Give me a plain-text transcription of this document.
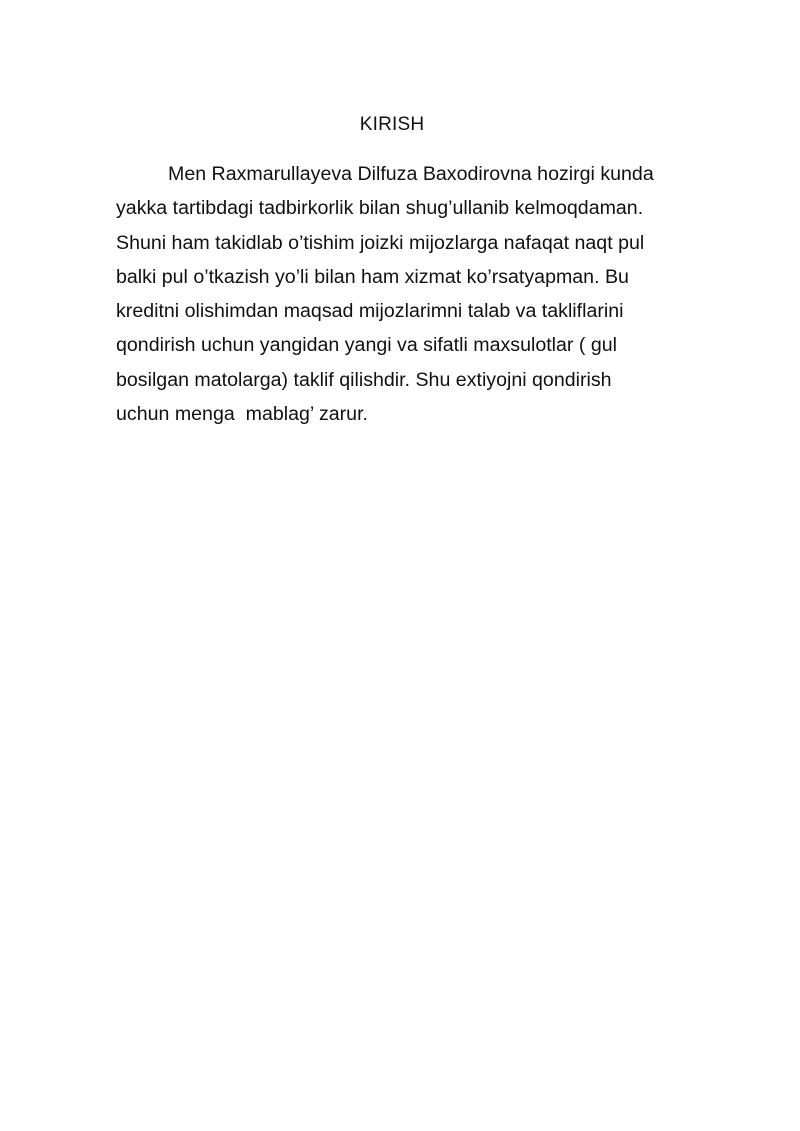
KIRISH

Men Raxmarullayeva Dilfuza Baxodirovna hozirgi kunda
yakka tartibdagi tadbirkorlik bilan shug’ullanib kelmoqdaman.
Shuni ham takidlab o’tishim joizki mijozlarga nafaqat naqt pul
balki pul o’tkazish yo’li bilan ham xizmat ko’rsatyapman. Bu
kreditni olishimdan maqsad mijozlarimni talab va takliflarini
qondirish uchun yangidan yangi va sifatli maxsulotlar ( gul
bosilgan matolarga) taklif qilishdir. Shu extiyojni qondirish
uchun menga  mablag’ zarur.
